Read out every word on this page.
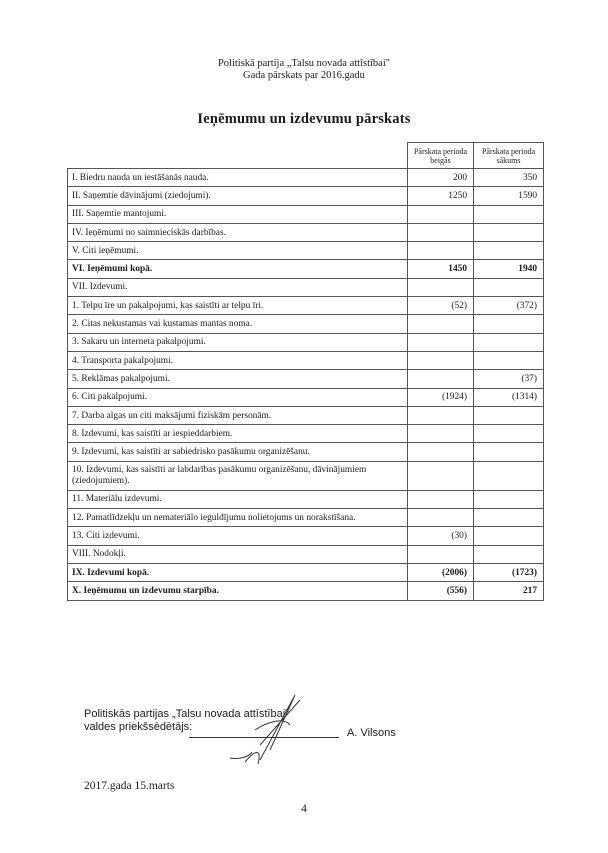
Politiskā partija „Talsu novada attīstībai"
Gada pārskats par 2016.gadu
Ieņēmumu un izdevumu pārskats
	Pārskata perioda beigās	Pārskata perioda sākums
I. Biedru nauda un iestāšanās nauda.	200	350
II. Saņemtie dāvinājumi (ziedojumi).	1250	1590
III. Saņemtie mantojumi.		
IV. Ieņēmumi no saimnieciskās darbības.		
V. Citi ieņēmumi.		
VI. Ieņēmumi kopā.	1450	1940
VII. Izdevumi.		
1. Telpu īre un pakalpojumi, kas saistīti ar telpu īri.	(52)	(372)
2. Citas nekustamas vai kustamas mantas noma.		
3. Sakaru un interneta pakalpojumi.		
4. Transporta pakalpojumi.		
5. Reklāmas pakalpojumi.		(37)
6. Citi pakalpojumi.	(1924)	(1314)
7. Darba algas un citi maksājumi fiziskām personām.		
8. Izdevumi, kas saistīti ar iespieddarbiem.		
9. Izdevumi, kas saistīti ar sabiedrisko pasākumu organizēšanu.		
10. Izdevumi, kas saistīti ar labdarības pasākumu organizēšanu, dāvinājumiem (ziedojumiem).		
11. Materiālu izdevumi.		
12. Pamatlīdzekļu un nemateriālo ieguldījumu nolietojums un norakstīšana.		
13. Citi izdevumi.	(30)	
VIII. Nodokļi.		
IX. Izdevumi kopā.	(2006)	(1723)
X. Ieņēmumu un izdevumu starpība.	(556)	217
Politiskās partijas „Talsu novada attīstībai"
valdes priekšsēdētājs:	A. Vilsons
2017.gada 15.marts
4
